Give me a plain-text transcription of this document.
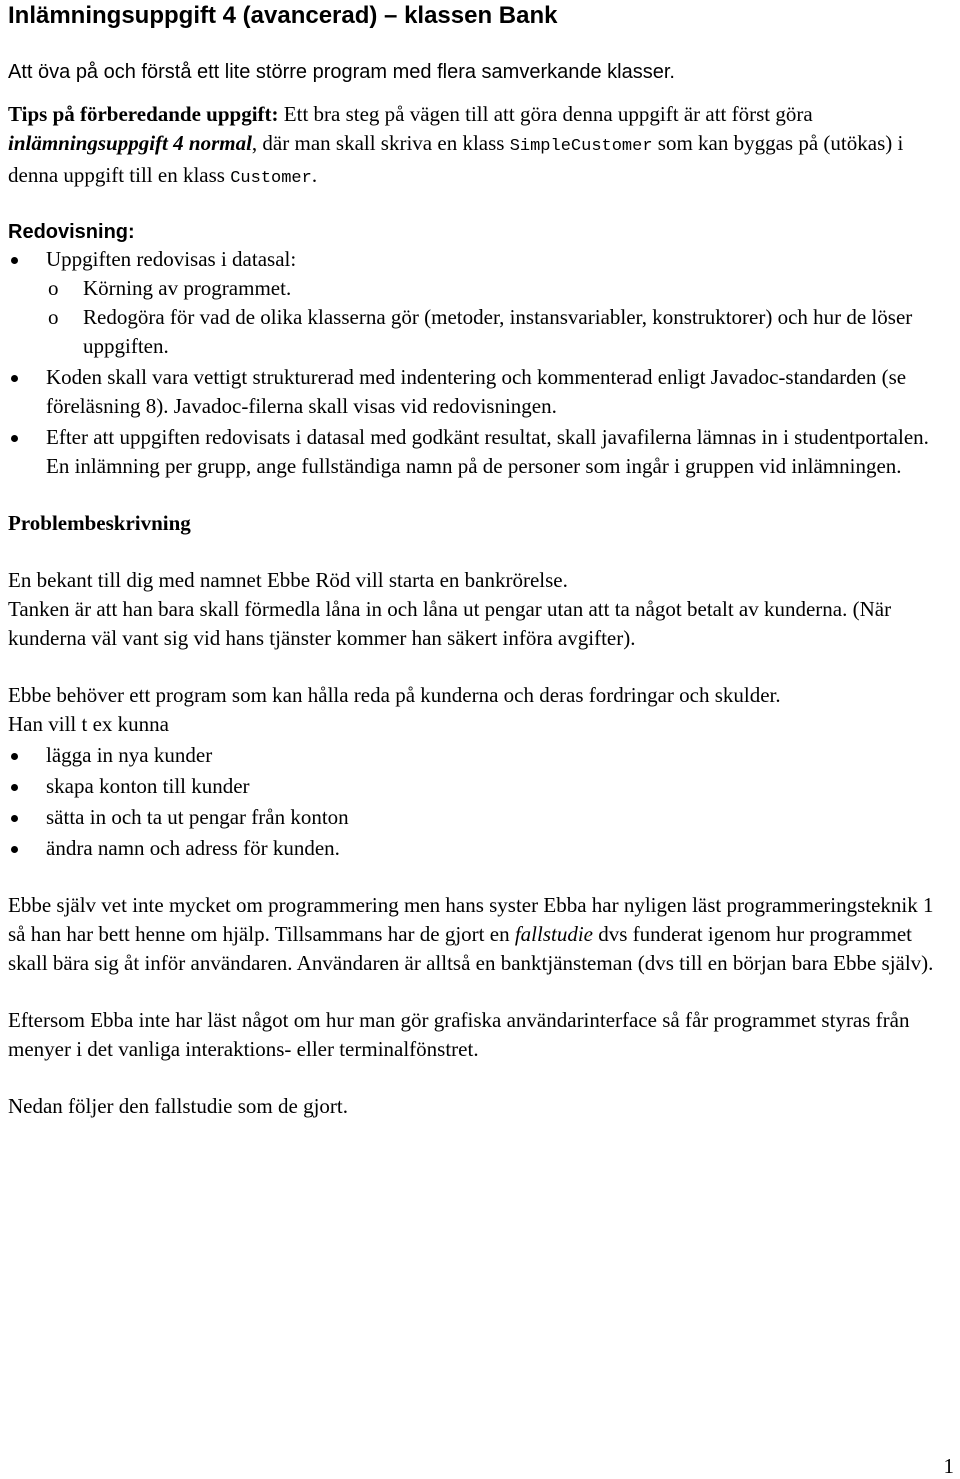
Inlämningsuppgift 4 (avancerad) – klassen Bank

Att öva på och förstå ett lite större program med flera samverkande klasser.

Tips på förberedande uppgift: Ett bra steg på vägen till att göra denna uppgift är att först göra inlämningsuppgift 4 normal, där man skall skriva en klass SimpleCustomer som kan byggas på (utökas) i denna uppgift till en klass Customer.

Redovisning:
Uppgiften redovisas i datasal:
o Körning av programmet.
o Redogöra för vad de olika klasserna gör (metoder, instansvariabler, konstruktorer) och hur de löser uppgiften.
Koden skall vara vettigt strukturerad med indentering och kommenterad enligt Javadoc-standarden (se föreläsning 8). Javadoc-filerna skall visas vid redovisningen.
Efter att uppgiften redovisats i datasal med godkänt resultat, skall javafilerna lämnas in i studentportalen. En inlämning per grupp, ange fullständiga namn på de personer som ingår i gruppen vid inlämningen.
Problembeskrivning

En bekant till dig med namnet Ebbe Röd vill starta en bankrörelse.

Tanken är att han bara skall förmedla låna in och låna ut pengar utan att ta något betalt av kunderna. (När kunderna väl vant sig vid hans tjänster kommer han säkert införa avgifter).

Ebbe behöver ett program som kan hålla reda på kunderna och deras fordringar och skulder.

Han vill t ex kunna

lägga in nya kunder
skapa konton till kunder
sätta in och ta ut pengar från konton
ändra namn och adress för kunden.

Ebbe själv vet inte mycket om programmering men hans syster Ebba har nyligen läst programmeringsteknik 1 så han har bett henne om hjälp. Tillsammans har de gjort en fallstudie dvs funderat igenom hur programmet skall bära sig åt inför användaren. Användaren är alltså en banktjänsteman (dvs till en början bara Ebbe själv).

Eftersom Ebba inte har läst något om hur man gör grafiska användarinterface så får programmet styras från menyer i det vanliga interaktions- eller terminalfönstret.

Nedan följer den fallstudie som de gjort.

1
